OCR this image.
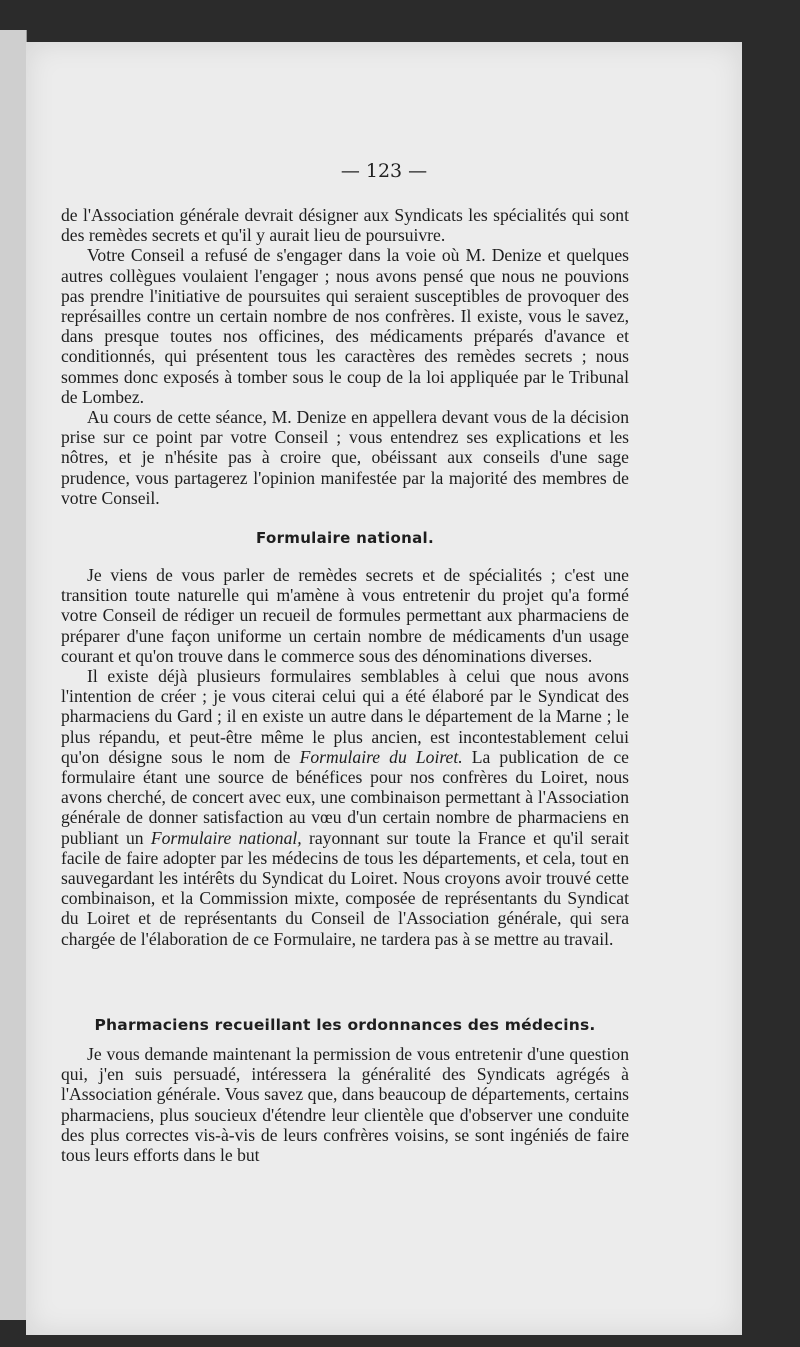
— 123 —

de l'Association générale devrait désigner aux Syndicats les spécialités qui sont des remèdes secrets et qu'il y aurait lieu de poursuivre.

Votre Conseil a refusé de s'engager dans la voie où M. Denize et quelques autres collègues voulaient l'engager ; nous avons pensé que nous ne pouvions pas prendre l'initiative de poursuites qui seraient susceptibles de provoquer des représailles contre un certain nombre de nos confrères. Il existe, vous le savez, dans presque toutes nos officines, des médicaments préparés d'avance et conditionnés, qui présentent tous les caractères des remèdes secrets ; nous sommes donc exposés à tomber sous le coup de la loi appliquée par le Tribunal de Lombez.

Au cours de cette séance, M. Denize en appellera devant vous de la décision prise sur ce point par votre Conseil ; vous entendrez ses explications et les nôtres, et je n'hésite pas à croire que, obéissant aux conseils d'une sage prudence, vous partagerez l'opinion manifestée par la majorité des membres de votre Conseil.

Formulaire national.

Je viens de vous parler de remèdes secrets et de spécialités ; c'est une transition toute naturelle qui m'amène à vous entretenir du projet qu'a formé votre Conseil de rédiger un recueil de formules permettant aux pharmaciens de préparer d'une façon uniforme un certain nombre de médicaments d'un usage courant et qu'on trouve dans le commerce sous des dénominations diverses.

Il existe déjà plusieurs formulaires semblables à celui que nous avons l'intention de créer ; je vous citerai celui qui a été élaboré par le Syndicat des pharmaciens du Gard ; il en existe un autre dans le département de la Marne ; le plus répandu, et peut-être même le plus ancien, est incontestablement celui qu'on désigne sous le nom de Formulaire du Loiret. La publication de ce formulaire étant une source de bénéfices pour nos confrères du Loiret, nous avons cherché, de concert avec eux, une combinaison permettant à l'Association générale de donner satisfaction au vœu d'un certain nombre de pharmaciens en publiant un Formulaire national, rayonnant sur toute la France et qu'il serait facile de faire adopter par les médecins de tous les départements, et cela, tout en sauvegardant les intérêts du Syndicat du Loiret. Nous croyons avoir trouvé cette combinaison, et la Commission mixte, composée de représentants du Syndicat du Loiret et de représentants du Conseil de l'Association générale, qui sera chargée de l'élaboration de ce Formulaire, ne tardera pas à se mettre au travail.

Pharmaciens recueillant les ordonnances des médecins.

Je vous demande maintenant la permission de vous entretenir d'une question qui, j'en suis persuadé, intéressera la généralité des Syndicats agrégés à l'Association générale. Vous savez que, dans beaucoup de départements, certains pharmaciens, plus soucieux d'étendre leur clientèle que d'observer une conduite des plus correctes vis-à-vis de leurs confrères voisins, se sont ingéniés de faire tous leurs efforts dans le but
